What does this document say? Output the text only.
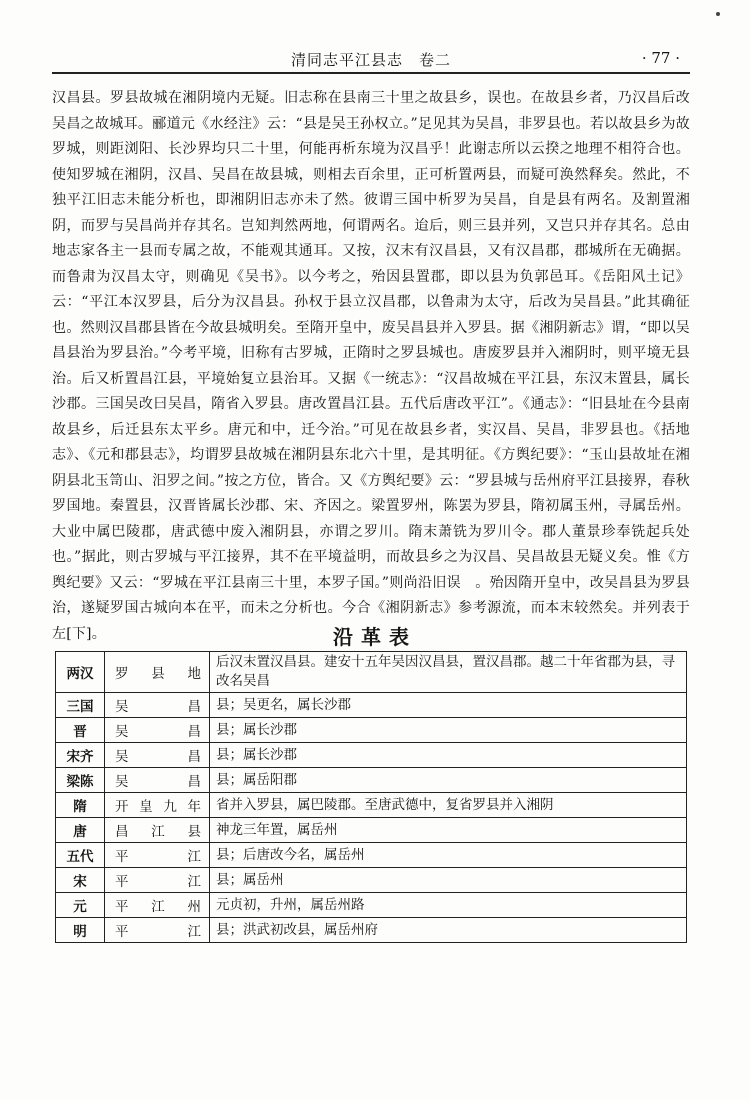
清同志平江县志　卷二	· 77 ·
汉昌县。罗县故城在湘阴境内无疑。旧志称在县南三十里之故县乡，误也。在故县乡者，乃汉昌后改吴昌之故城耳。郦道元《水经注》云：“县是吴王孙权立。”足见其为吴昌，非罗县也。若以故县乡为故罗城，则距浏阳、长沙界均只二十里，何能再析东境为汉昌乎！此谢志所以云揆之地理不相符合也。使知罗城在湘阴，汉昌、吴昌在故县城，则相去百余里，正可析置两县，而疑可涣然释矣。然此，不独平江旧志未能分析也，即湘阴旧志亦未了然。彼谓三国中析罗为吴昌，自是县有两名。及割置湘阴，而罗与吴昌尚并存其名。岂知判然两地，何谓两名。迨后，则三县并列，又岂只并存其名。总由地志家各主一县而专属之故，不能观其通耳。又按，汉末有汉昌县，又有汉昌郡，郡城所在无确据。而鲁肃为汉昌太守，则确见《吴书》。以今考之，殆因县置郡，即以县为负郭邑耳。《岳阳风土记》云：“平江本汉罗县，后分为汉昌县。孙权于县立汉昌郡，以鲁肃为太守，后改为吴昌县。”此其确征也。然则汉昌郡县皆在今故县城明矣。至隋开皇中，废吴昌县并入罗县。据《湘阴新志》谓，“即以吴昌县治为罗县治。”今考平境，旧称有古罗城，正隋时之罗县城也。唐废罗县并入湘阴时，则平境无县治。后又析置昌江县，平境始复立县治耳。又据《一统志》：“汉昌故城在平江县，东汉末置县，属长沙郡。三国吴改曰吴昌，隋省入罗县。唐改置昌江县。五代后唐改平江”。《通志》：“旧县址在今县南故县乡，后迁县东太平乡。唐元和中，迁今治。”可见在故县乡者，实汉昌、吴昌，非罗县也。《括地志》、《元和郡县志》，均谓罗县故城在湘阴县东北六十里，是其明征。《方舆纪要》：“玉山县故址在湘阴县北玉笥山、汨罗之间。”按之方位，皆合。又《方舆纪要》云：“罗县城与岳州府平江县接界，春秋罗国地。秦置县，汉晋皆属长沙郡、宋、齐因之。梁置罗州，陈罢为罗县，隋初属玉州，寻属岳州。大业中属巴陵郡，唐武德中废入湘阴县，亦谓之罗川。隋末萧铣为罗川令。郡人董景珍奉铣起兵处也。”据此，则古罗城与平江接界，其不在平境益明，而故县乡之为汉昌、吴昌故县无疑义矣。惟《方舆纪要》又云：“罗城在平江县南三十里，本罗子国。”则尚沿旧误　。殆因隋开皇中，改吴昌县为罗县治，遂疑罗国古城向本在平，而未之分析也。今合《湘阴新志》参考源流，而本末较然矣。并列表于左[下]。	沿革表
两汉	罗 县 地	后汉末置汉昌县。建安十五年吴因汉昌县，置汉昌郡。越二十年省郡为县，寻改名吴昌
三国	吴　　昌	县；吴更名，属长沙郡
晋	吴　　昌	县；属长沙郡
宋齐	吴　　昌	县；属长沙郡
梁陈	吴　　昌	县；属岳阳郡
隋	开皇九年	省并入罗县，属巴陵郡。至唐武德中，复省罗县并入湘阴
唐	昌 江 县	神龙三年置，属岳州
五代	平　　江	县；后唐改今名，属岳州
宋	平　　江	县；属岳州
元	平 江 州	元贞初，升州，属岳州路
明	平　　江	县；洪武初改县，属岳州府
